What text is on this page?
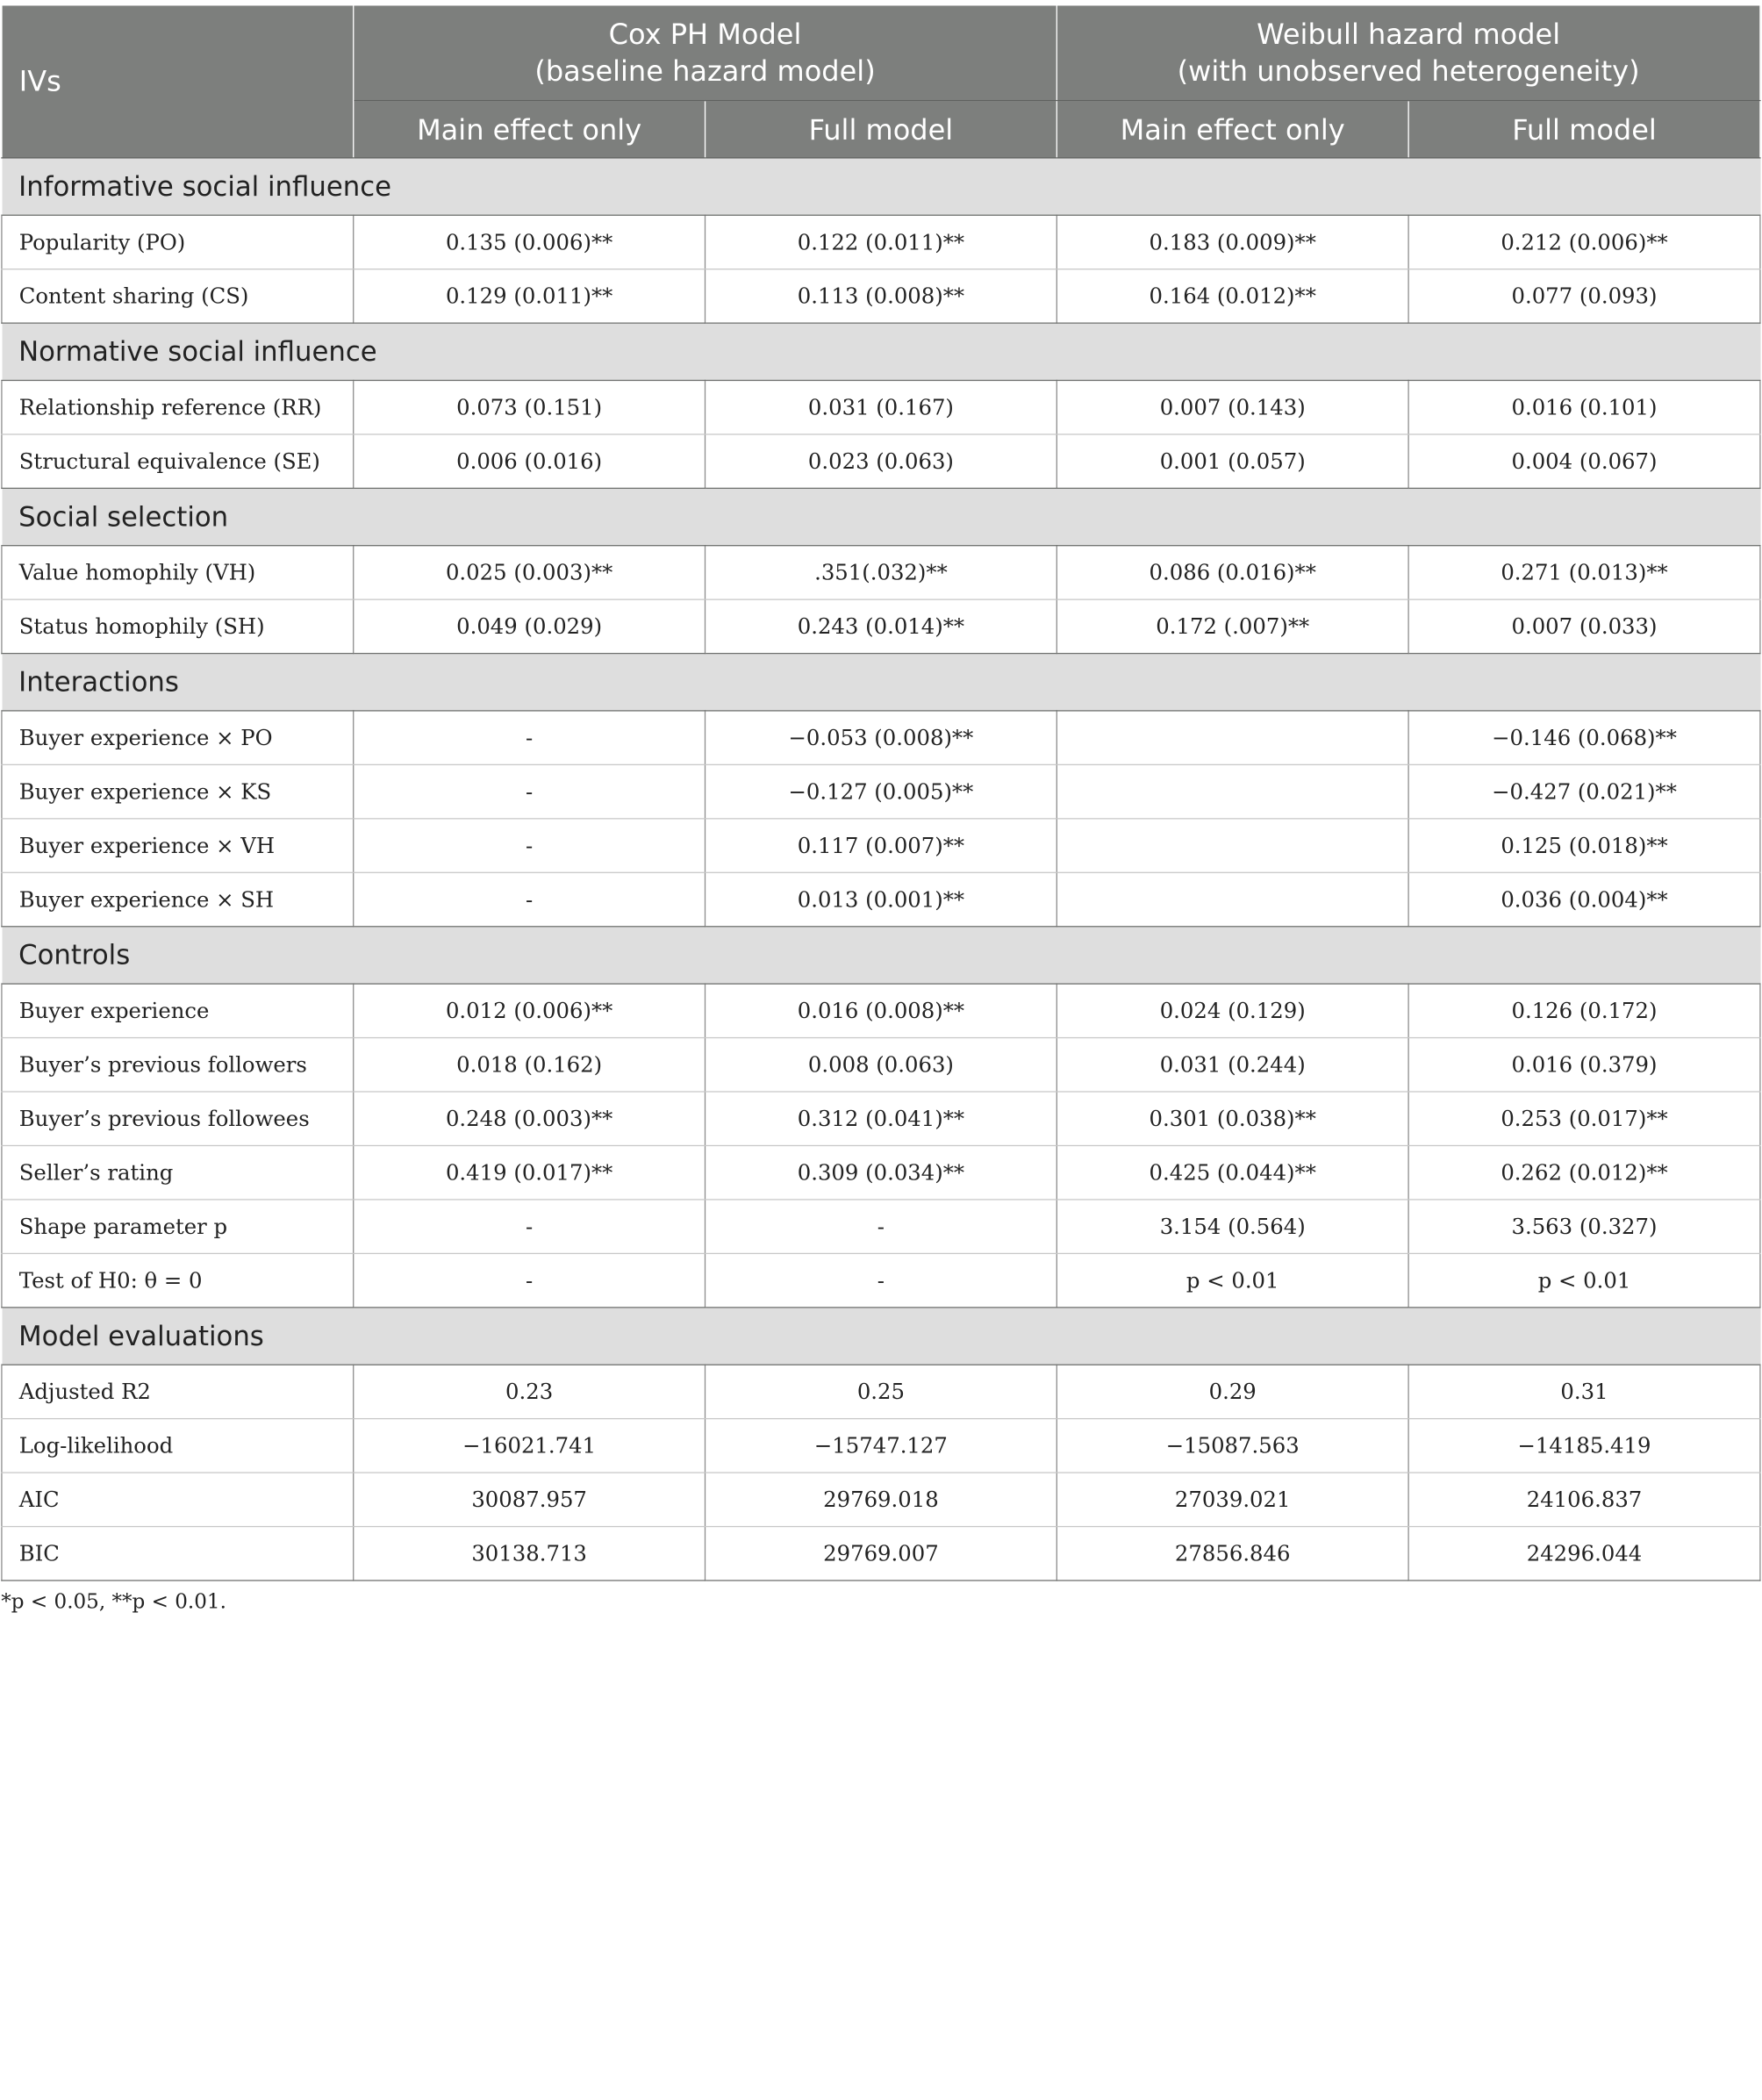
IVs	Cox PH Model
(baseline hazard model)		Weibull hazard model
(with unobserved heterogeneity)	
	Main effect only	Full model	Main effect only	Full model
Informative social influence				
Popularity (PO)	0.135 (0.006)**	0.122 (0.011)**	0.183 (0.009)**	0.212 (0.006)**
Content sharing (CS)	0.129 (0.011)**	0.113 (0.008)**	0.164 (0.012)**	0.077 (0.093)
Normative social influence				
Relationship reference (RR)	0.073 (0.151)	0.031 (0.167)	0.007 (0.143)	0.016 (0.101)
Structural equivalence (SE)	0.006 (0.016)	0.023 (0.063)	0.001 (0.057)	0.004 (0.067)
Social selection				
Value homophily (VH)	0.025 (0.003)**	.351(.032)**	0.086 (0.016)**	0.271 (0.013)**
Status homophily (SH)	0.049 (0.029)	0.243 (0.014)**	0.172 (.007)**	0.007 (0.033)
Interactions				
Buyer experience × PO	-	−0.053 (0.008)**		−0.146 (0.068)**
Buyer experience × KS	-	−0.127 (0.005)**		−0.427 (0.021)**
Buyer experience × VH	-	0.117 (0.007)**		0.125 (0.018)**
Buyer experience × SH	-	0.013 (0.001)**		0.036 (0.004)**
Controls				
Buyer experience	0.012 (0.006)**	0.016 (0.008)**	0.024 (0.129)	0.126 (0.172)
Buyer’s previous followers	0.018 (0.162)	0.008 (0.063)	0.031 (0.244)	0.016 (0.379)
Buyer’s previous followees	0.248 (0.003)**	0.312 (0.041)**	0.301 (0.038)**	0.253 (0.017)**
Seller’s rating	0.419 (0.017)**	0.309 (0.034)**	0.425 (0.044)**	0.262 (0.012)**
Shape parameter p	-	-	3.154 (0.564)	3.563 (0.327)
Test of H0: θ = 0	-	-	p < 0.01	p < 0.01
Model evaluations				
Adjusted R2	0.23	0.25	0.29	0.31
Log-likelihood	−16021.741	−15747.127	−15087.563	−14185.419
AIC	30087.957	29769.018	27039.021	24106.837
BIC	30138.713	29769.007	27856.846	24296.044
*p < 0.05, **p < 0.01.
